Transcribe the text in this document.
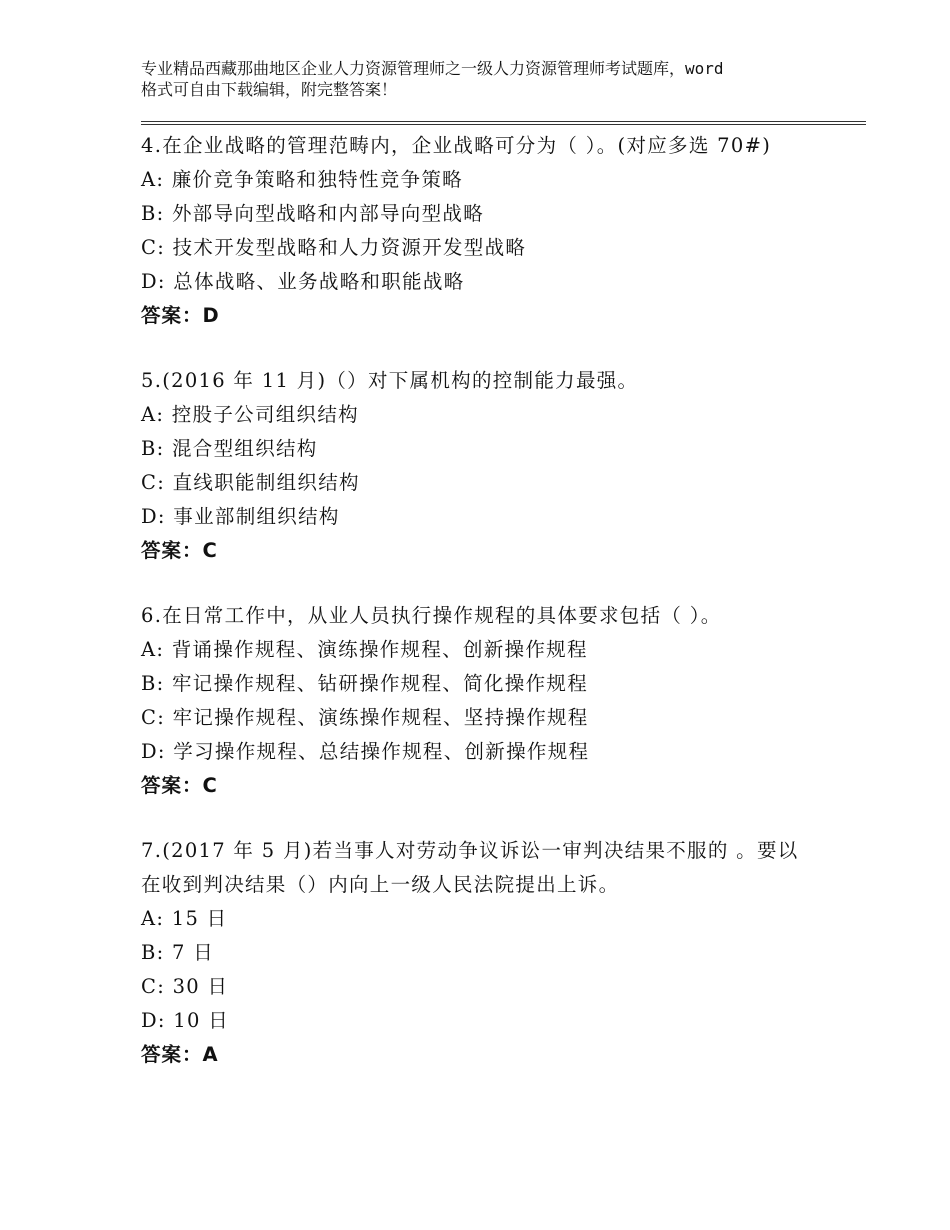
专业精品西藏那曲地区企业人力资源管理师之一级人力资源管理师考试题库，word
格式可自由下载编辑，附完整答案！
4.在企业战略的管理范畴内，企业战略可分为（ ）。(对应多选 70#)
A: 廉价竞争策略和独特性竞争策略
B: 外部导向型战略和内部导向型战略
C: 技术开发型战略和人力资源开发型战略
D: 总体战略、业务战略和职能战略
答案：D
5.(2016 年 11 月)（）对下属机构的控制能力最强。
A: 控股子公司组织结构
B: 混合型组织结构
C: 直线职能制组织结构
D: 事业部制组织结构
答案：C
6.在日常工作中，从业人员执行操作规程的具体要求包括（ ）。
A: 背诵操作规程、演练操作规程、创新操作规程
B: 牢记操作规程、钻研操作规程、简化操作规程
C: 牢记操作规程、演练操作规程、坚持操作规程
D: 学习操作规程、总结操作规程、创新操作规程
答案：C
7.(2017 年 5 月)若当事人对劳动争议诉讼一审判决结果不服的 。要以
在收到判决结果（）内向上一级人民法院提出上诉。
A: 15 日
B: 7 日
C: 30 日
D: 10 日
答案：A
